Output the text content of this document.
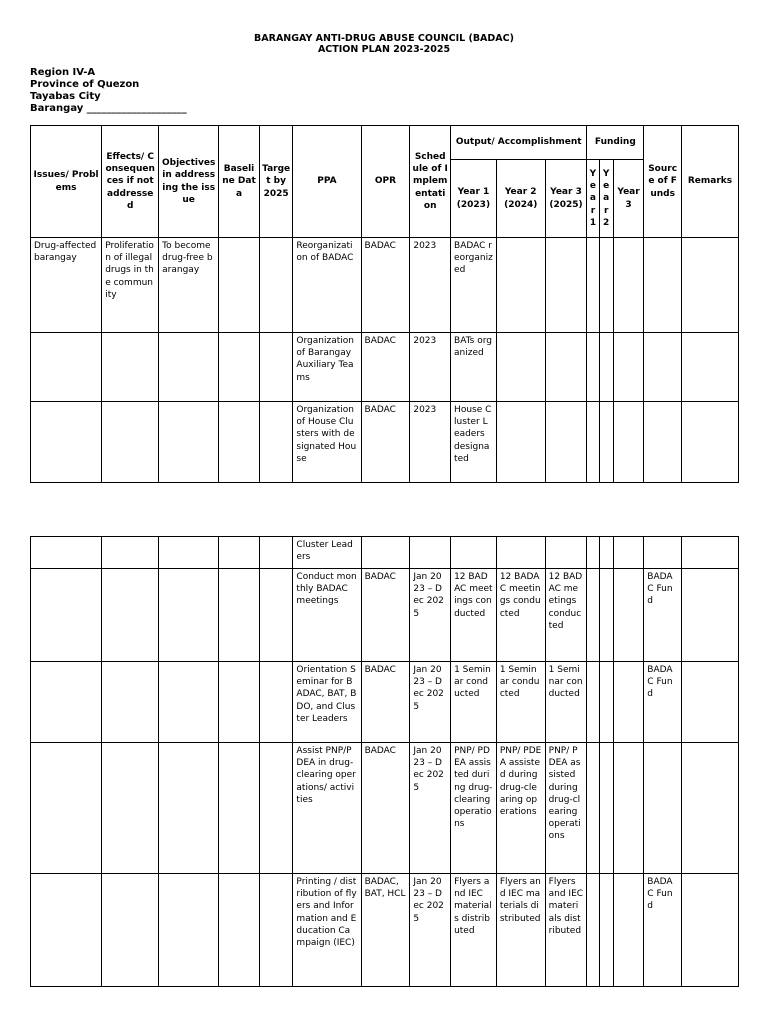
BARANGAY ANTI-DRUG ABUSE COUNCIL (BADAC)
ACTION PLAN 2023-2025
Region IV-A
Province of Quezon
Tayabas City
Barangay ____________________
Issues/ Problems	Effects/ Consequences if not addressed	Objectives in addressing the issue	Baseline Data	Target by 2025	PPA	OPR	Schedule of Implementation	Output/ Accomplishment			Funding			Source of Funds	Remarks
								Year 1 (2023)	Year 2 (2024)	Year 3 (2025)	Year 1	Year 2	Year 3		
Drug-affected barangay	Proliferation of illegal drugs in the community	To become drug-free barangay			Reorganization of BADAC	BADAC	2023	BADAC reorganized							
					Organization of Barangay Auxiliary Teams	BADAC	2023	BATs organized							
					Organization of House Clusters with designated House	BADAC	2023	House Cluster Leaders designated							
					Cluster Leaders										
					Conduct monthly BADAC meetings	BADAC	Jan 2023 – Dec 2025	12 BADAC meetings conducted	12 BADAC meetings conducted	12 BADAC meetings conducted				BADAC Fund	
					Orientation Seminar for BADAC, BAT, BDO, and Cluster Leaders	BADAC	Jan 2023 – Dec 2025	1 Seminar conducted	1 Seminar conducted	1 Seminar conducted				BADAC Fund	
					Assist PNP/PDEA in drug-clearing operations/ activities	BADAC	Jan 2023 – Dec 2025	PNP/ PDEA assisted during drug-clearing operations	PNP/ PDEA assisted during drug-clearing operations	PNP/ PDEA assisted during drug-clearing operations					
					Printing / distribution of flyers and Information and Education Campaign (IEC)	BADAC, BAT, HCL	Jan 2023 – Dec 2025	Flyers and IEC materials distributed	Flyers and IEC materials distributed	Flyers and IEC materials distributed				BADAC Fund	
